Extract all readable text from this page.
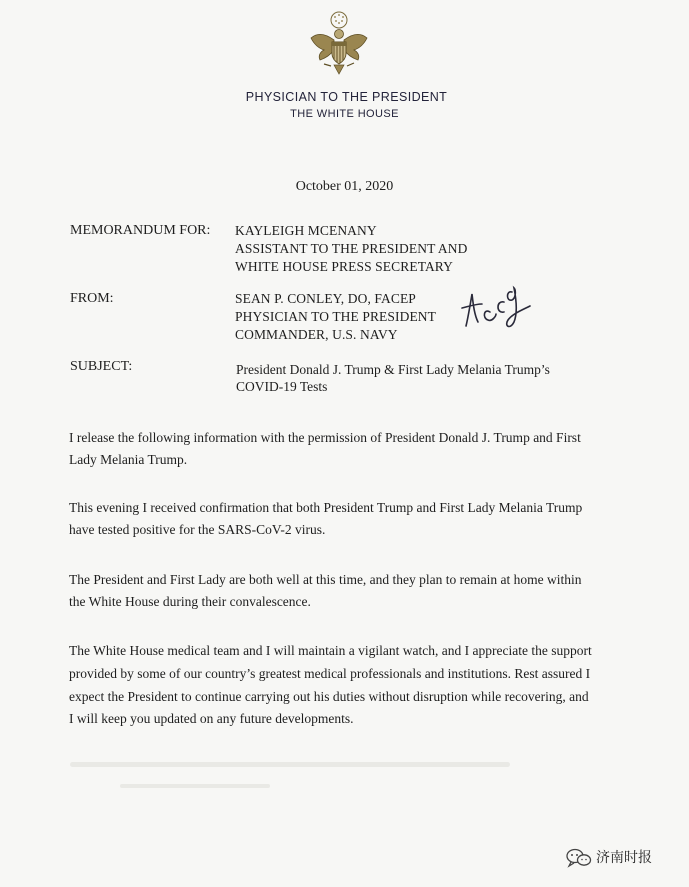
PHYSICIAN TO THE PRESIDENT
THE WHITE HOUSE
October 01, 2020
MEMORANDUM FOR: KAYLEIGH MCENANY
ASSISTANT TO THE PRESIDENT AND
WHITE HOUSE PRESS SECRETARY
FROM:	SEAN P. CONLEY, DO, FACEP
PHYSICIAN TO THE PRESIDENT
COMMANDER, U.S. NAVY
SUBJECT:	President Donald J. Trump & First Lady Melania Trump’s
COVID-19 Tests
I release the following information with the permission of President Donald J. Trump and First
Lady Melania Trump.
This evening I received confirmation that both President Trump and First Lady Melania Trump
have tested positive for the SARS-CoV-2 virus.
The President and First Lady are both well at this time, and they plan to remain at home within
the White House during their convalescence.
The White House medical team and I will maintain a vigilant watch, and I appreciate the support
provided by some of our country’s greatest medical professionals and institutions. Rest assured I
expect the President to continue carrying out his duties without disruption while recovering, and
I will keep you updated on any future developments.
济南时报
